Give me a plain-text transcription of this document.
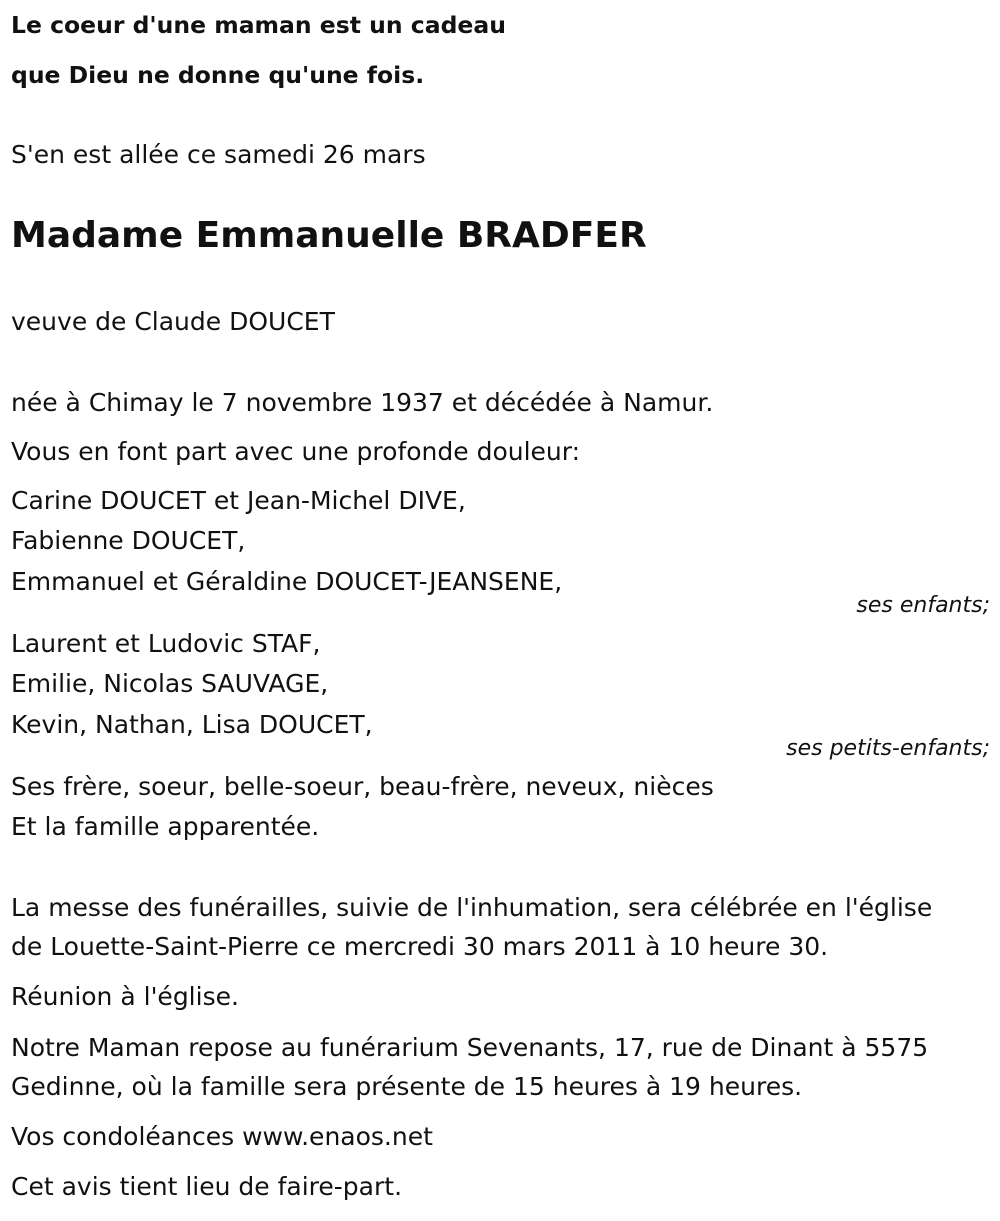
Le coeur d'une maman est un cadeau
que Dieu ne donne qu'une fois.
S'en est allée ce samedi 26 mars
Madame Emmanuelle BRADFER
veuve de Claude DOUCET
née à Chimay le 7 novembre 1937 et décédée à Namur.
Vous en font part avec une profonde douleur:
Carine DOUCET et Jean-Michel DIVE,
Fabienne DOUCET,
Emmanuel et Géraldine DOUCET-JEANSENE,
ses enfants;
Laurent et Ludovic STAF,
Emilie, Nicolas SAUVAGE,
Kevin, Nathan, Lisa DOUCET,
ses petits-enfants;
Ses frère, soeur, belle-soeur, beau-frère, neveux, nièces
Et la famille apparentée.
La messe des funérailles, suivie de l'inhumation, sera célébrée en l'église
de Louette-Saint-Pierre ce mercredi 30 mars 2011 à 10 heure 30.
Réunion à l'église.
Notre Maman repose au funérarium Sevenants, 17, rue de Dinant à 5575
Gedinne, où la famille sera présente de 15 heures à 19 heures.
Vos condoléances www.enaos.net
Cet avis tient lieu de faire-part.
